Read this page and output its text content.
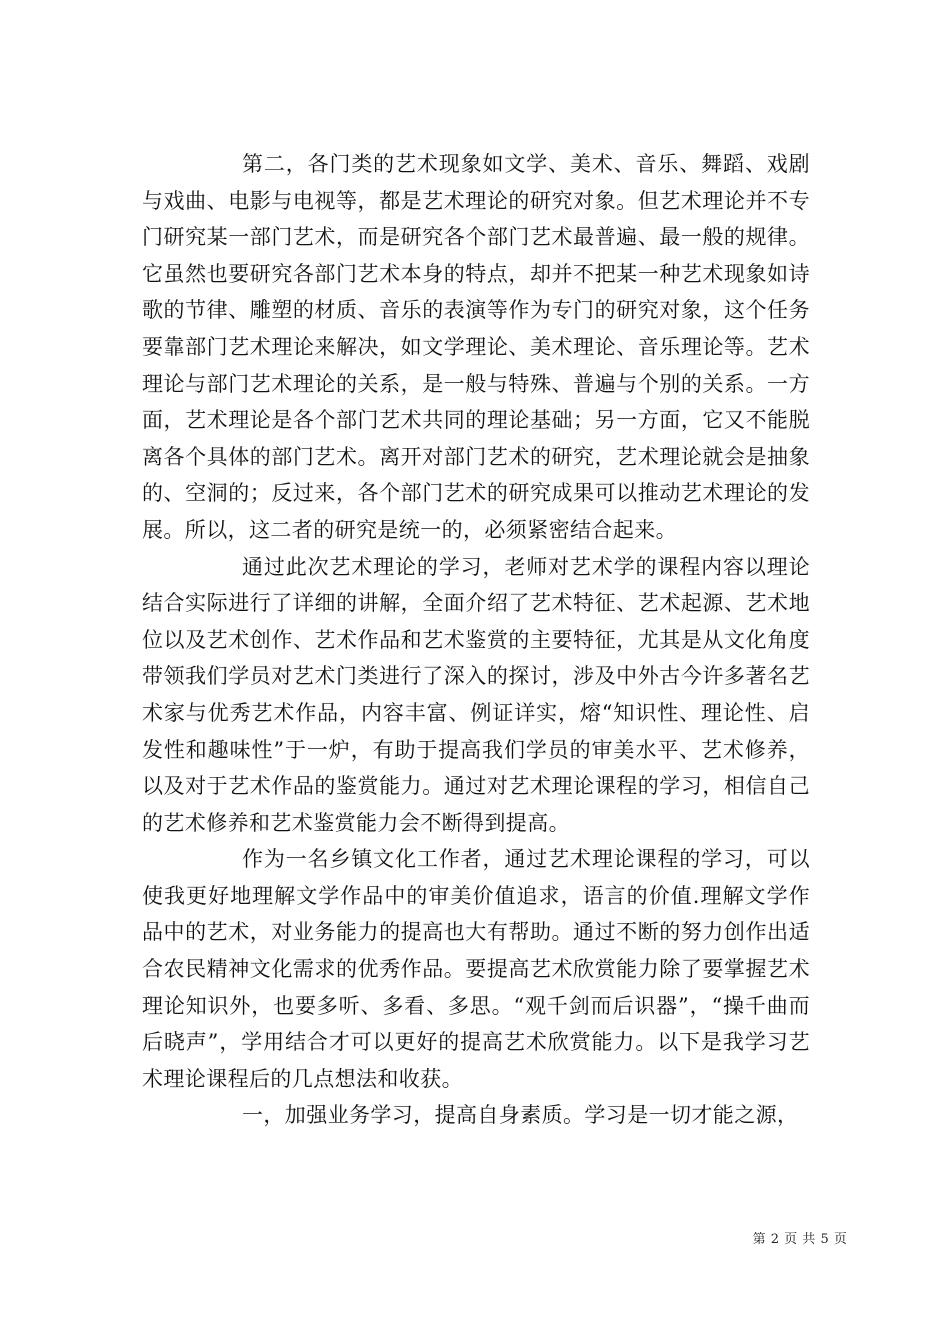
第二，各门类的艺术现象如文学、美术、音乐、舞蹈、戏剧与戏曲、电影与电视等，都是艺术理论的研究对象。但艺术理论并不专门研究某一部门艺术，而是研究各个部门艺术最普遍、最一般的规律。它虽然也要研究各部门艺术本身的特点，却并不把某一种艺术现象如诗歌的节律、雕塑的材质、音乐的表演等作为专门的研究对象，这个任务要靠部门艺术理论来解决，如文学理论、美术理论、音乐理论等。艺术理论与部门艺术理论的关系，是一般与特殊、普遍与个别的关系。一方面，艺术理论是各个部门艺术共同的理论基础；另一方面，它又不能脱离各个具体的部门艺术。离开对部门艺术的研究，艺术理论就会是抽象的、空洞的；反过来，各个部门艺术的研究成果可以推动艺术理论的发展。所以，这二者的研究是统一的，必须紧密结合起来。

通过此次艺术理论的学习，老师对艺术学的课程内容以理论结合实际进行了详细的讲解，全面介绍了艺术特征、艺术起源、艺术地位以及艺术创作、艺术作品和艺术鉴赏的主要特征，尤其是从文化角度带领我们学员对艺术门类进行了深入的探讨，涉及中外古今许多著名艺术家与优秀艺术作品，内容丰富、例证详实，熔“知识性、理论性、启发性和趣味性”于一炉，有助于提高我们学员的审美水平、艺术修养，以及对于艺术作品的鉴赏能力。通过对艺术理论课程的学习，相信自己的艺术修养和艺术鉴赏能力会不断得到提高。

作为一名乡镇文化工作者，通过艺术理论课程的学习，可以使我更好地理解文学作品中的审美价值追求，语言的价值.理解文学作品中的艺术，对业务能力的提高也大有帮助。通过不断的努力创作出适合农民精神文化需求的优秀作品。要提高艺术欣赏能力除了要掌握艺术理论知识外，也要多听、多看、多思。“观千剑而后识器”，“操千曲而后晓声”，学用结合才可以更好的提高艺术欣赏能力。以下是我学习艺术理论课程后的几点想法和收获。

一，加强业务学习，提高自身素质。学习是一切才能之源，

第 2 页 共 5 页
